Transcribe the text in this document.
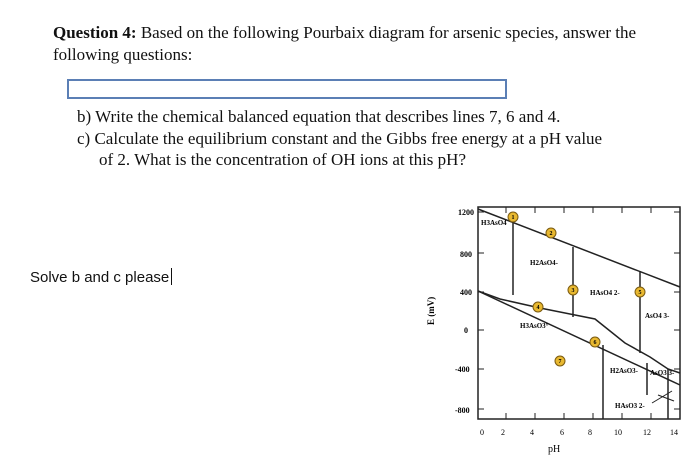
Question 4: Based on the following Pourbaix diagram for arsenic species, answer the following questions:
b) Write the chemical balanced equation that describes lines 7, 6 and 4.
c) Calculate the equilibrium constant and the Gibbs free energy at a pH value
of 2. What is the concentration of OH ions at this pH?
Solve b and c please
1200
800
400
0
-400
-800
0 2	4	6	8	10	12 14
pH
E (mV)
H3AsO4
H2AsO4-
HAsO4 2-
AsO4 3-
H3AsO3°
H2AsO3- AsO3 3-
HAsO3 2-
1
2
3
4
5
6
7
